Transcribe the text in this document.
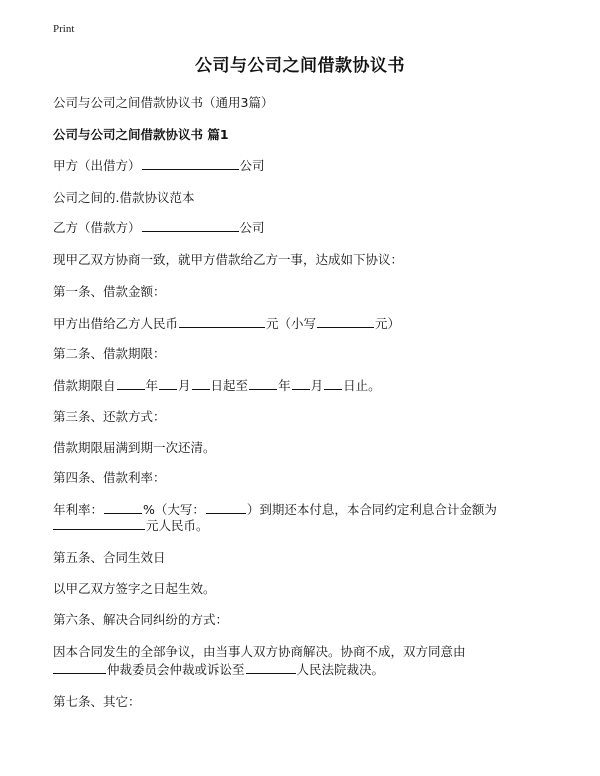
Print
公司与公司之间借款协议书
公司与公司之间借款协议书（通用3篇）
公司与公司之间借款协议书 篇1
甲方（出借方）	公司
公司之间的.借款协议范本
乙方（借款方）	公司
现甲乙双方协商一致，就甲方借款给乙方一事，达成如下协议：
第一条、借款金额：
甲方出借给乙方人民币	元（小写	元）
第二条、借款期限：
借款期限自 年 月 日起至 年 月 日止。
第三条、还款方式：
借款期限届满到期一次还清。
第四条、借款利率：
年利率：	%（大写：	）到期还本付息，本合同约定利息合计金额为
元人民币。
第五条、合同生效日
以甲乙双方签字之日起生效。
第六条、解决合同纠纷的方式：
因本合同发生的全部争议，由当事人双方协商解决。协商不成，双方同意由
仲裁委员会仲裁或诉讼至	人民法院裁决。
第七条、其它：
